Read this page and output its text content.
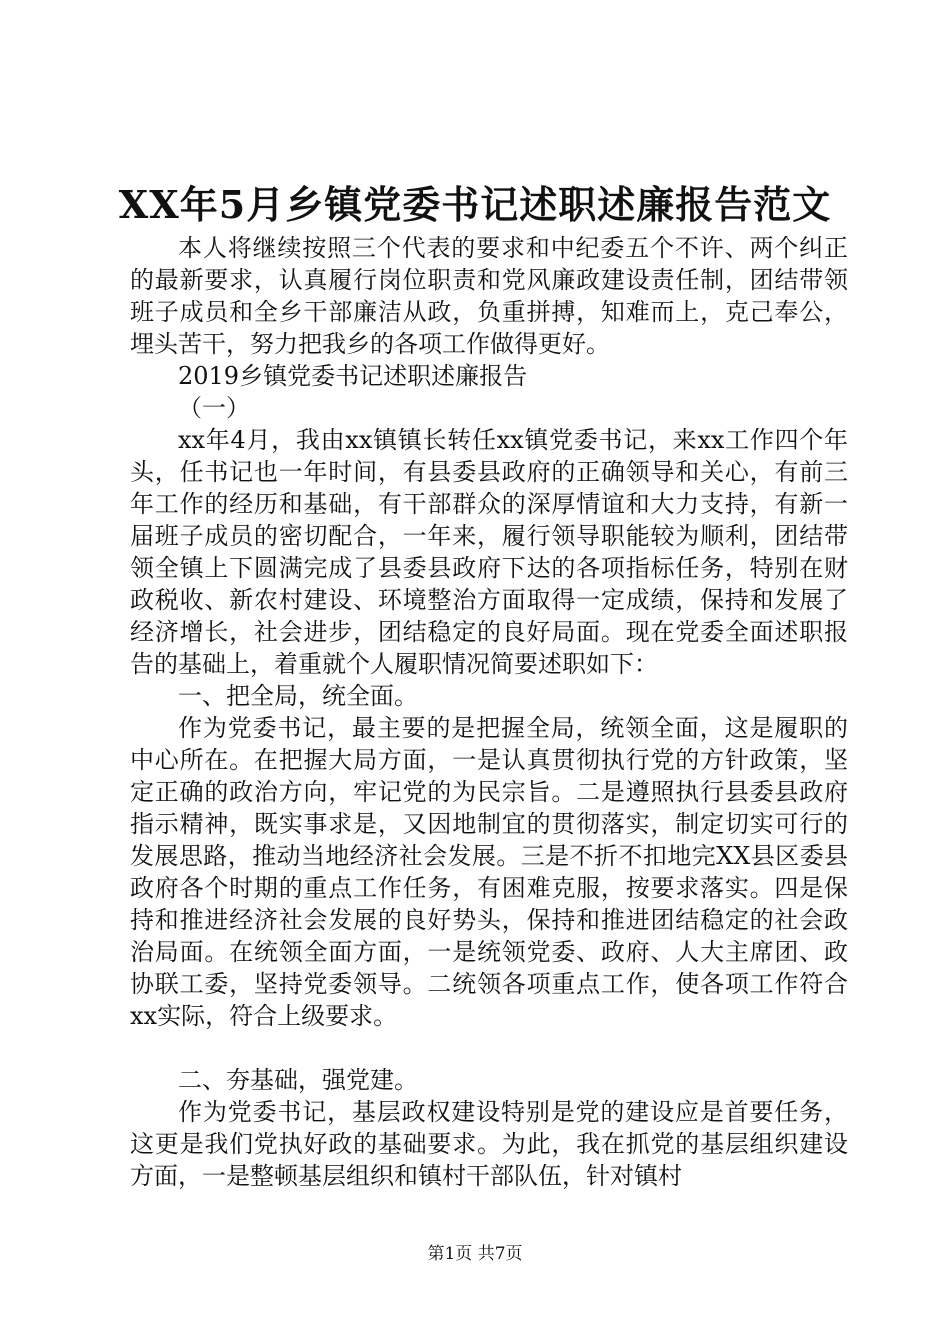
XX年5月乡镇党委书记述职述廉报告范文

本人将继续按照三个代表的要求和中纪委五个不许、两个纠正的最新要求，认真履行岗位职责和党风廉政建设责任制，团结带领班子成员和全乡干部廉洁从政，负重拼搏，知难而上，克己奉公，埋头苦干，努力把我乡的各项工作做得更好。

2019乡镇党委书记述职述廉报告

（一）

xx年4月，我由xx镇镇长转任xx镇党委书记，来xx工作四个年头，任书记也一年时间，有县委县政府的正确领导和关心，有前三年工作的经历和基础，有干部群众的深厚情谊和大力支持，有新一届班子成员的密切配合，一年来，履行领导职能较为顺利，团结带领全镇上下圆满完成了县委县政府下达的各项指标任务，特别在财政税收、新农村建设、环境整治方面取得一定成绩，保持和发展了经济增长，社会进步，团结稳定的良好局面。现在党委全面述职报告的基础上，着重就个人履职情况简要述职如下：

一、把全局，统全面。

作为党委书记，最主要的是把握全局，统领全面，这是履职的中心所在。在把握大局方面，一是认真贯彻执行党的方针政策，坚定正确的政治方向，牢记党的为民宗旨。二是遵照执行县委县政府指示精神，既实事求是，又因地制宜的贯彻落实，制定切实可行的发展思路，推动当地经济社会发展。三是不折不扣地完XX县区委县政府各个时期的重点工作任务，有困难克服，按要求落实。四是保持和推进经济社会发展的良好势头，保持和推进团结稳定的社会政治局面。在统领全面方面，一是统领党委、政府、人大主席团、政协联工委，坚持党委领导。二统领各项重点工作，使各项工作符合xx实际，符合上级要求。

二、夯基础，强党建。

作为党委书记，基层政权建设特别是党的建设应是首要任务，这更是我们党执好政的基础要求。为此，我在抓党的基层组织建设方面，一是整顿基层组织和镇村干部队伍，针对镇村

第1页 共7页
